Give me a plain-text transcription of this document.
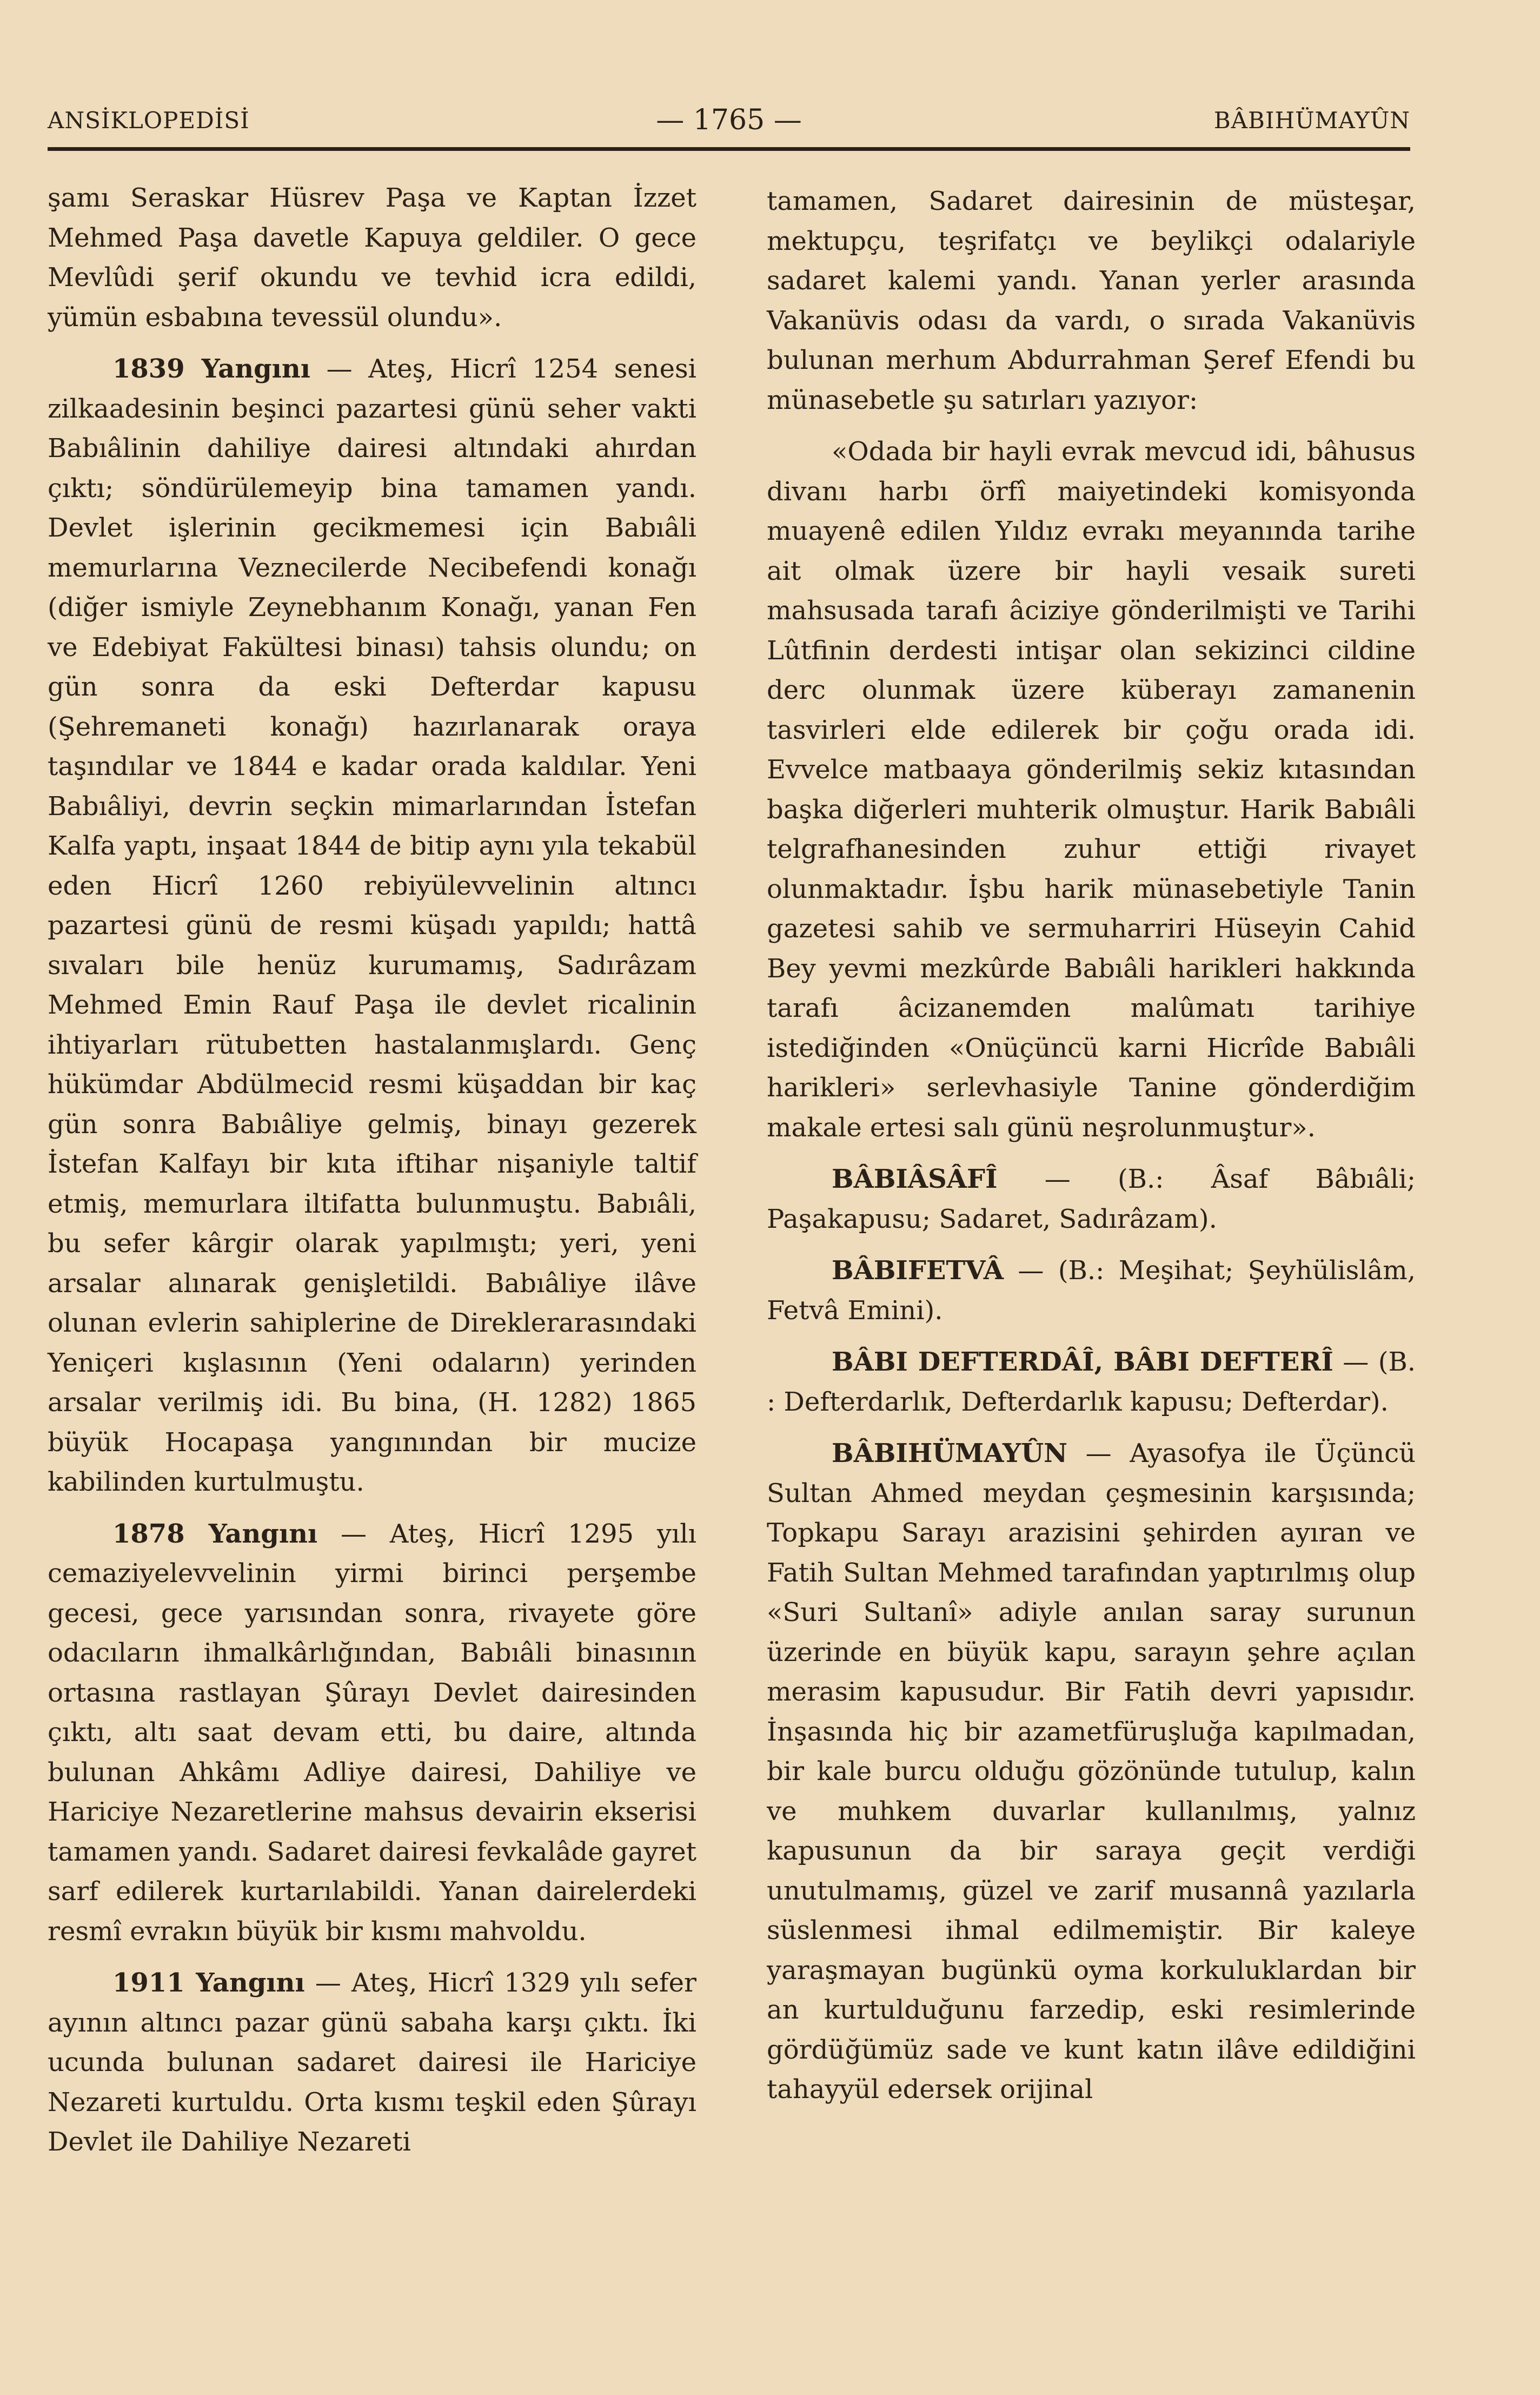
ANSİKLOPEDİSİ	— 1765 —	BÂBIHÜMAYÛN

şamı Seraskar Hüsrev Paşa ve Kaptan İzzet Mehmed Paşa davetle Kapuya geldiler. O gece Mevlûdi şerif okundu ve tevhid icra edildi, yümün esbabına tevessül olundu».

1839 Yangını — Ateş, Hicrî 1254 senesi zilkaadesinin beşinci pazartesi günü seher vakti Babıâlinin dahiliye dairesi altındaki ahırdan çıktı; söndürülemeyip bina tamamen yandı. Devlet işlerinin gecikmemesi için Babıâli memurlarına Veznecilerde Necibefendi konağı (diğer ismiyle Zeynebhanım Konağı, yanan Fen ve Edebiyat Fakültesi binası) tahsis olundu; on gün sonra da eski Defterdar kapusu (Şehremaneti konağı) hazırlanarak oraya taşındılar ve 1844 e kadar orada kaldılar. Yeni Babıâliyi, devrin seçkin mimarlarından İstefan Kalfa yaptı, inşaat 1844 de bitip aynı yıla tekabül eden Hicrî 1260 rebiyülevvelinin altıncı pazartesi günü de resmi küşadı yapıldı; hattâ sıvaları bile henüz kurumamış, Sadırâzam Mehmed Emin Rauf Paşa ile devlet ricalinin ihtiyarları rütubetten hastalanmışlardı. Genç hükümdar Abdülmecid resmi küşaddan bir kaç gün sonra Babıâliye gelmiş, binayı gezerek İstefan Kalfayı bir kıta iftihar nişaniyle taltif etmiş, memurlara iltifatta bulunmuştu. Babıâli, bu sefer kârgir olarak yapılmıştı; yeri, yeni arsalar alınarak genişletildi. Babıâliye ilâve olunan evlerin sahiplerine de Direklerarasındaki Yeniçeri kışlasının (Yeni odaların) yerinden arsalar verilmiş idi. Bu bina, (H. 1282) 1865 büyük Hocapaşa yangınından bir mucize kabilinden kurtulmuştu.

1878 Yangını — Ateş, Hicrî 1295 yılı cemaziyelevvelinin yirmi birinci perşembe gecesi, gece yarısından sonra, rivayete göre odacıların ihmalkârlığından, Babıâli binasının ortasına rastlayan Şûrayı Devlet dairesinden çıktı, altı saat devam etti, bu daire, altında bulunan Ahkâmı Adliye dairesi, Dahiliye ve Hariciye Nezaretlerine mahsus devairin ekserisi tamamen yandı. Sadaret dairesi fevkalâde gayret sarf edilerek kurtarılabildi. Yanan dairelerdeki resmî evrakın büyük bir kısmı mahvoldu.

1911 Yangını — Ateş, Hicrî 1329 yılı sefer ayının altıncı pazar günü sabaha karşı çıktı. İki ucunda bulunan sadaret dairesi ile Hariciye Nezareti kurtuldu. Orta kısmı teşkil eden Şûrayı Devlet ile Dahiliye Nezareti

tamamen, Sadaret dairesinin de müsteşar, mektupçu, teşrifatçı ve beylikçi odalariyle sadaret kalemi yandı. Yanan yerler arasında Vakanüvis odası da vardı, o sırada Vakanüvis bulunan merhum Abdurrahman Şeref Efendi bu münasebetle şu satırları yazıyor:

«Odada bir hayli evrak mevcud idi, bâhusus divanı harbı örfî maiyetindeki komisyonda muayenê edilen Yıldız evrakı meyanında tarihe ait olmak üzere bir hayli vesaik sureti mahsusada tarafı âciziye gönderilmişti ve Tarihi Lûtfinin derdesti intişar olan sekizinci cildine derc olunmak üzere küberayı zamanenin tasvirleri elde edilerek bir çoğu orada idi. Evvelce matbaaya gönderilmiş sekiz kıtasından başka diğerleri muhterik olmuştur. Harik Babıâli telgrafhanesinden zuhur ettiği rivayet olunmaktadır. İşbu harik münasebetiyle Tanin gazetesi sahib ve sermuharriri Hüseyin Cahid Bey yevmi mezkûrde Babıâli harikleri hakkında tarafı âcizanemden malûmatı tarihiye istediğinden «Onüçüncü karni Hicrîde Babıâli harikleri» serlevhasiyle Tanine gönderdiğim makale ertesi salı günü neşrolunmuştur».

BÂBIÂSÂFÎ — (B.: Âsaf Bâbıâli; Paşakapusu; Sadaret, Sadırâzam).

BÂBIFETVÂ — (B.: Meşihat; Şeyhülislâm, Fetvâ Emini).

BÂBI DEFTERDÂÎ, BÂBI DEFTERÎ — (B. : Defterdarlık, Defterdarlık kapusu; Defterdar).

BÂBIHÜMAYÛN — Ayasofya ile Üçüncü Sultan Ahmed meydan çeşmesinin karşısında; Topkapu Sarayı arazisini şehirden ayıran ve Fatih Sultan Mehmed tarafından yaptırılmış olup «Suri Sultanî» adiyle anılan saray surunun üzerinde en büyük kapu, sarayın şehre açılan merasim kapusudur. Bir Fatih devri yapısıdır. İnşasında hiç bir azametfüruşluğa kapılmadan, bir kale burcu olduğu gözönünde tutulup, kalın ve muhkem duvarlar kullanılmış, yalnız kapusunun da bir saraya geçit verdiği unutulmamış, güzel ve zarif musannâ yazılarla süslenmesi ihmal edilmemiştir. Bir kaleye yaraşmayan bugünkü oyma korkuluklardan bir an kurtulduğunu farzedip, eski resimlerinde gördüğümüz sade ve kunt katın ilâve edildiğini tahayyül edersek orijinal
